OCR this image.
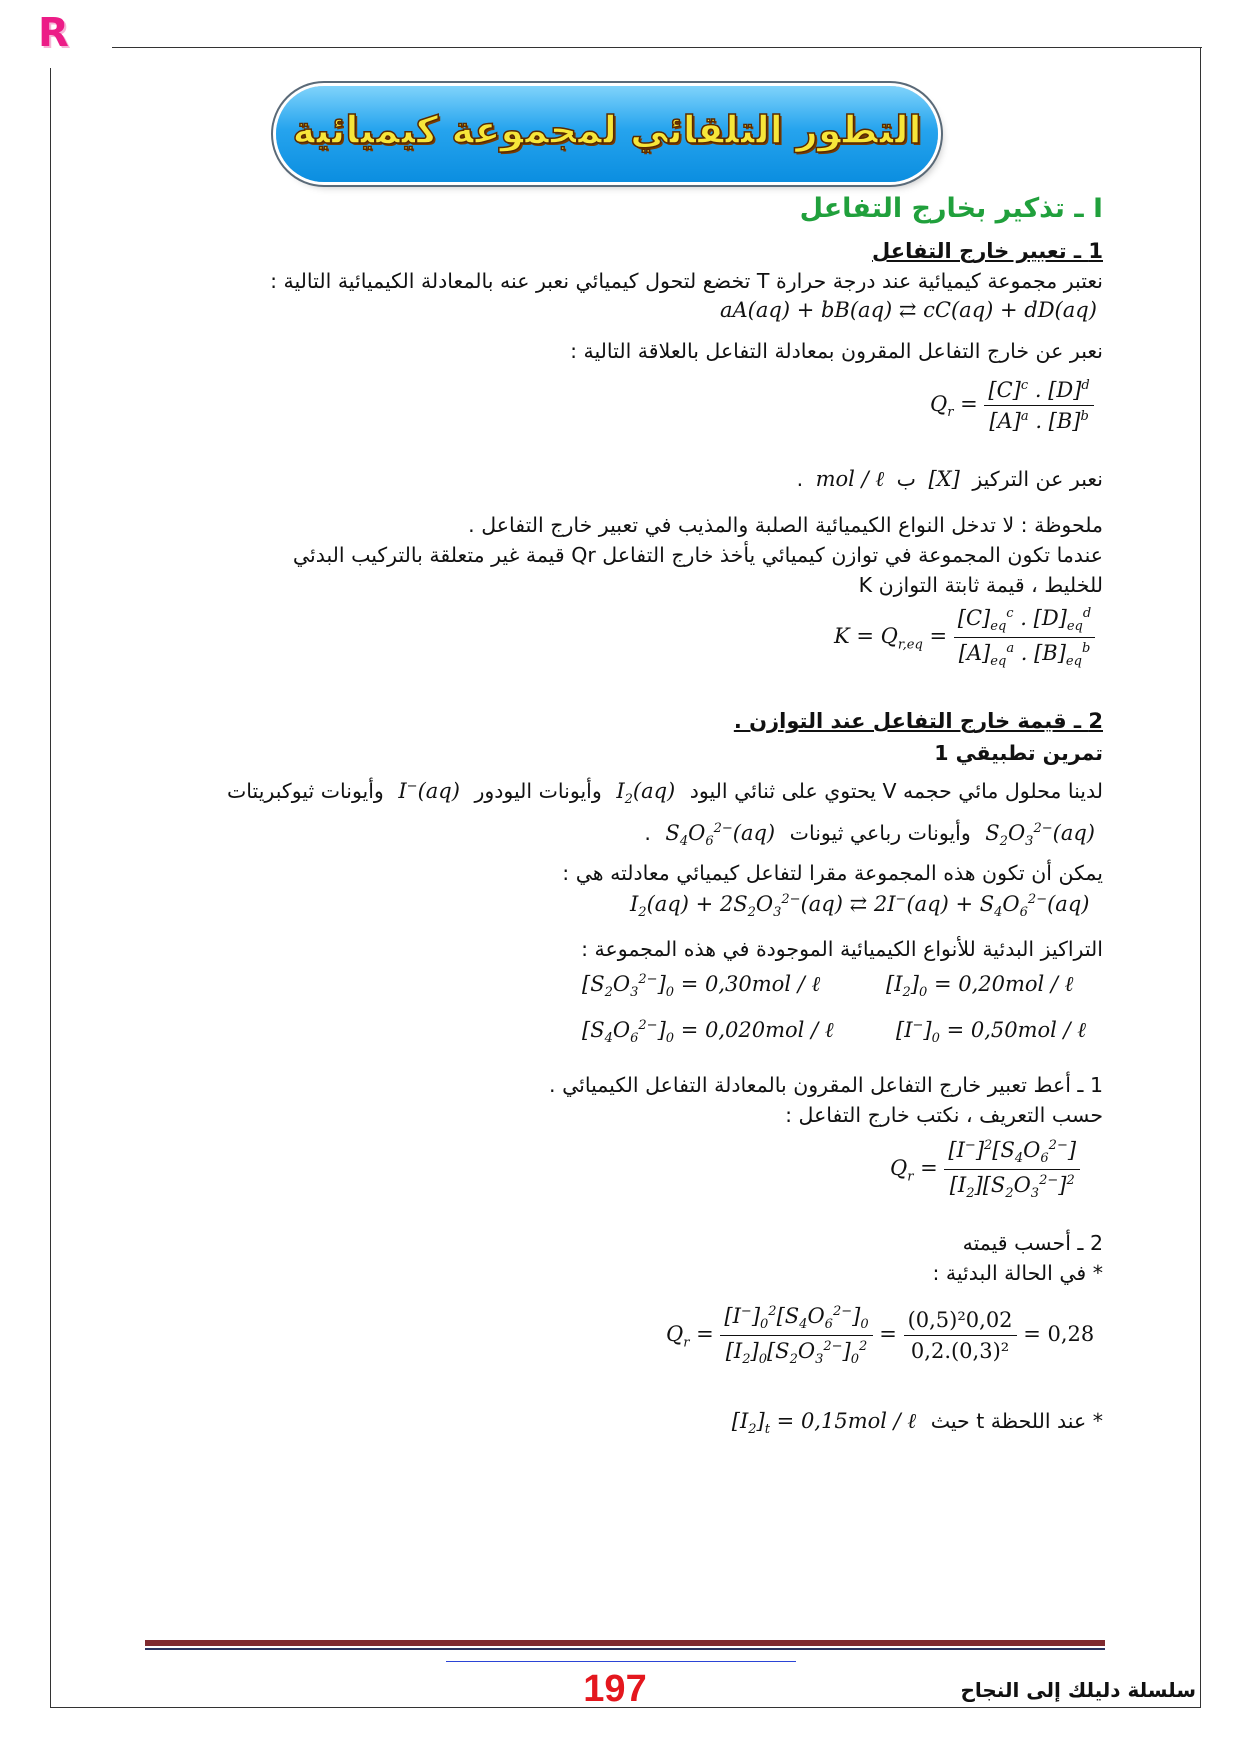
R
التطور التلقائي لمجموعة كيميائية
I ـ تذكير بخارج التفاعل
1 ـ تعبير خارج التفاعل
نعتبر مجموعة كيميائية عند درجة حرارة T تخضع لتحول كيميائي نعبر عنه بالمعادلة الكيميائية التالية :
aA(aq) + bB(aq) ⇄ cC(aq) + dD(aq)
نعبر عن خارج التفاعل المقرون بمعادلة التفاعل بالعلاقة التالية :
$Q_r = \frac{[C]^c . [D]^d}{[A]^a . [B]^b}$
نعبر عن التركيز [X] ب mol / ℓ .
ملحوظة : لا تدخل النواع الكيميائية الصلبة والمذيب في تعبير خارج التفاعل .
عندما تكون المجموعة في توازن كيميائي يأخذ خارج التفاعل Qr قيمة غير متعلقة بالتركيب البدئي
للخليط ، قيمة ثابتة التوازن K
$K = Q_{r,eq} = \frac{[C]_{eq}^c . [D]_{eq}^d}{[A]_{eq}^a . [B]_{eq}^b}$
2 ـ قيمة خارج التفاعل عند التوازن .
تمرين تطبيقي 1
لدينا محلول مائي حجمه V يحتوي على ثنائي اليود $I_2(aq)$ وأيونات اليودور I−(aq) وأيونات ثيوكبريتات
$S_2O_3^{2-}(aq)$ وأيونات رباعي ثيونات $S_4O_6^{2-}(aq)$ .
يمكن أن تكون هذه المجموعة مقرا لتفاعل كيميائي معادلته هي :
$I_2(aq) + 2S_2O_3^{2-}(aq)$ ⇄ $2I^-(aq) + S_4O_6^{2-}(aq)$
التراكيز البدئية للأنواع الكيميائية الموجودة في هذه المجموعة :
$[S_2O_3^{2-}]_0 = 0,30mol$ / ℓ	$[I_2]_0 = 0,20mol$ / ℓ
$[S_4O_6^{2-}]_0 = 0,020mol$ / ℓ	$[I^-]_0 = 0,50mol$ / ℓ
1 ـ أعط تعبير خارج التفاعل المقرون بالمعادلة التفاعل الكيميائي .
حسب التعريف ، نكتب خارج التفاعل :
$Q_r = \frac{[I^-]^2[S_4O_6^{2-}]}{[I_2][S_2O_3^{2-}]^2}$
2 ـ أحسب قيمته
* في الحالة البدئية :
$Q_r = \frac{[I^-]_0^2[S_4O_6^{2-}]_0}{[I_2]_0[S_2O_3^{2-}]_0^2} = \frac{\text{(0,5)²0,02}}{\text{0,2.(0,3)²}} = 0,28$
* عند اللحظة t حيث $[I_2]_t = 0,15mol$ / ℓ
197	سلسلة دليلك إلى النجاح
